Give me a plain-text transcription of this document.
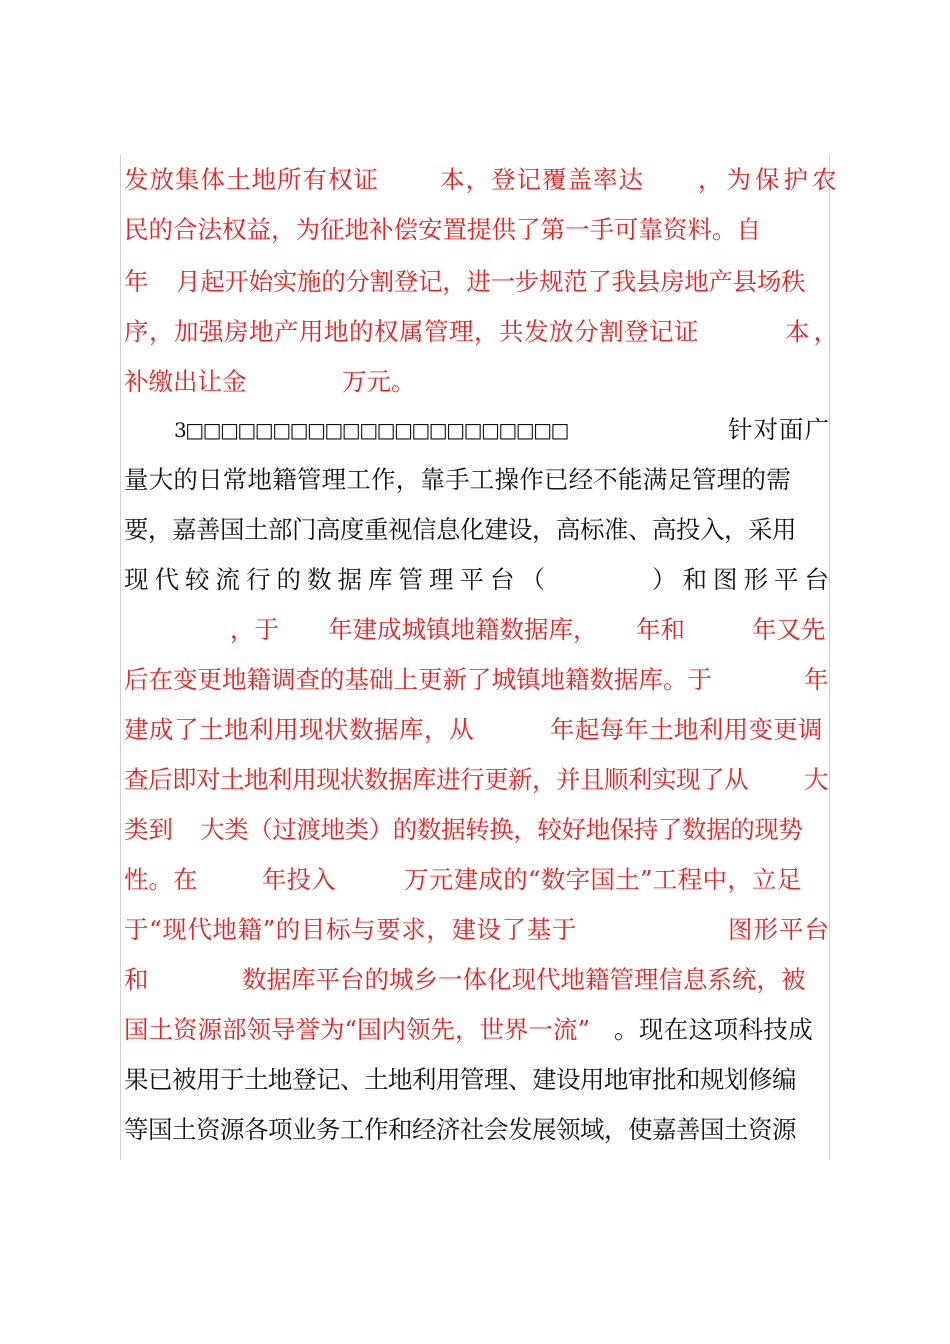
发放集体土地所有权证 本，登记覆盖率达 ，为保护农
民的合法权益，为征地补偿安置提供了第一手可靠资料。自
年 月起开始实施的分割登记，进一步规范了我县房地产县场秩
序，加强房地产用地的权属管理，共发放分割登记证	本，
补缴出让金	万元。
3□□□□□□□□□□□□□□□□□□□□□□	针对面广
量大的日常地籍管理工作，靠手工操作已经不能满足管理的需
要，嘉善国土部门高度重视信息化建设，高标准、高投入，采用
现代较流行的数据库管理平台（	）和图形平台
，于 年建成城镇地籍数据库， 年和	年又先
后在变更地籍调查的基础上更新了城镇地籍数据库。于	年
建成了土地利用现状数据库，从	年起每年土地利用变更调
查后即对土地利用现状数据库进行更新，并且顺利实现了从 大
类到 大类（过渡地类）的数据转换，较好地保持了数据的现势
性。在	年投入	万元建成的“数字国土”工程中，立足
于“现代地籍”的目标与要求，建设了基于	图形平台
和	数据库平台的城乡一体化现代地籍管理信息系统，被
国土资源部领导誉为“国内领先，世界一流” 。现在这项科技成
果已被用于土地登记、土地利用管理、建设用地审批和规划修编
等国土资源各项业务工作和经济社会发展领域，使嘉善国土资源
